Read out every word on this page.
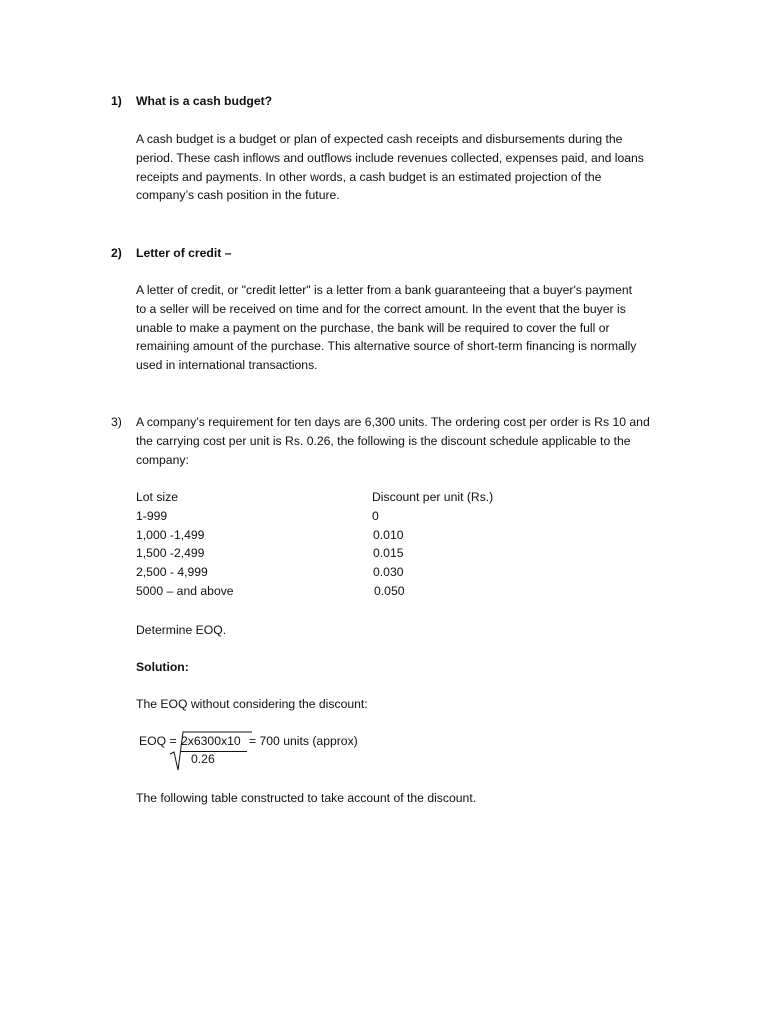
1) What is a cash budget?

A cash budget is a budget or plan of expected cash receipts and disbursements during the

period. These cash inflows and outflows include revenues collected, expenses paid, and loans

receipts and payments. In other words, a cash budget is an estimated projection of the

company’s cash position in the future.

2) Letter of credit –

A letter of credit, or "credit letter" is a letter from a bank guaranteeing that a buyer's payment

to a seller will be received on time and for the correct amount. In the event that the buyer is

unable to make a payment on the purchase, the bank will be required to cover the full or

remaining amount of the purchase. This alternative source of short-term financing is normally

used in international transactions.

3) A company’s requirement for ten days are 6,300 units. The ordering cost per order is Rs 10 and

the carrying cost per unit is Rs. 0.26, the following is the discount schedule applicable to the

company:

Lot size	Discount per unit (Rs.)
1-999	0
1,000 -1,499	0.010
1,500 -2,499	0.015
2,500 - 4,999	0.030
5000 – and above	0.050
Determine EOQ.
Solution:
The EOQ without considering the discount:
EOQ = 2x6300x10 = 700 units (approx)
0.26
The following table constructed to take account of the discount.
